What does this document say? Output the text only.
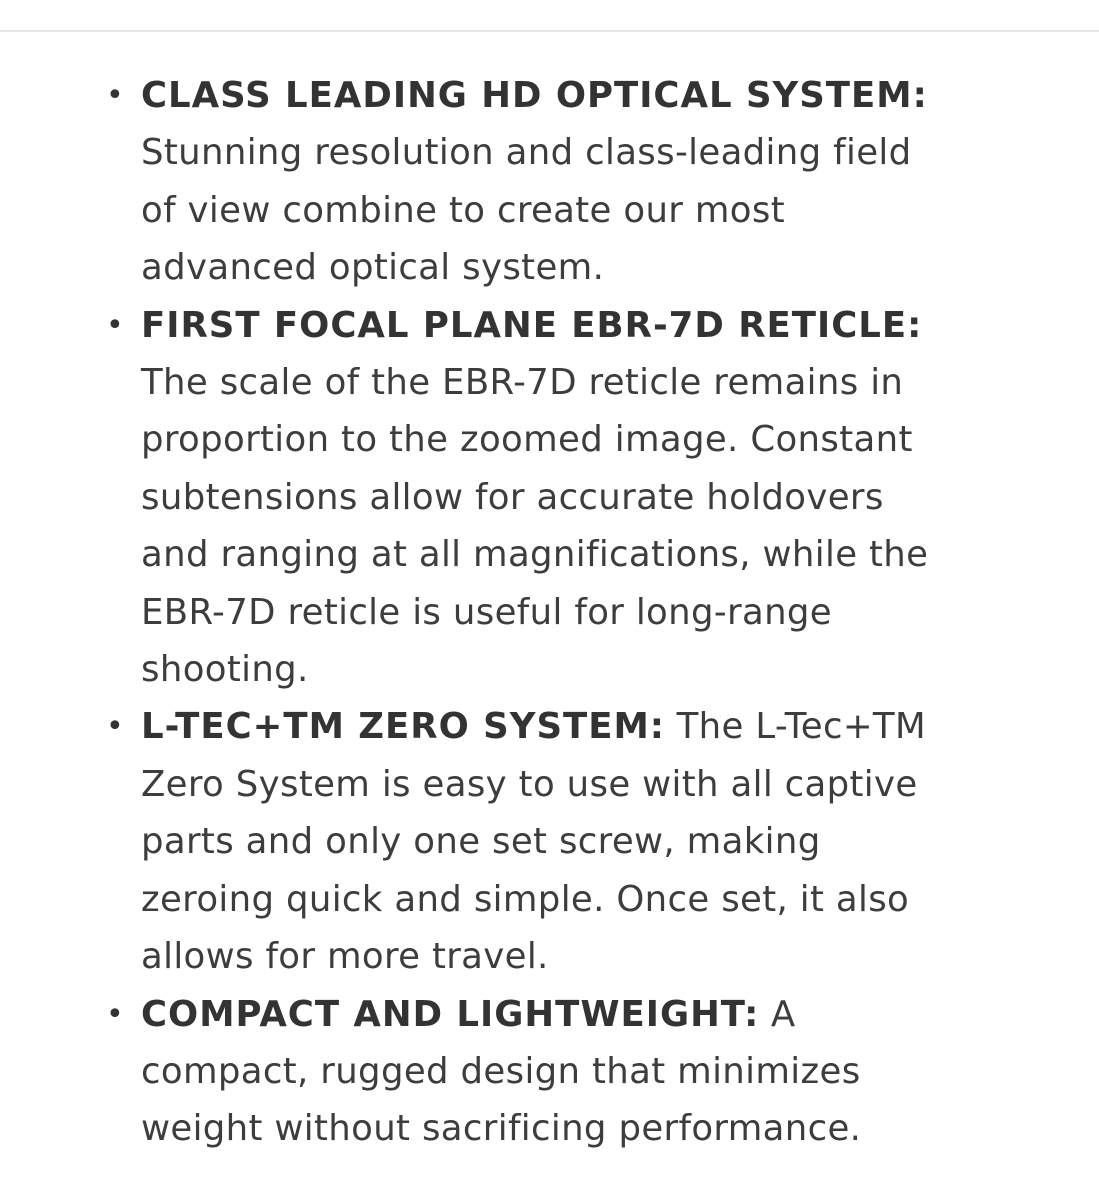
• CLASS LEADING HD OPTICAL SYSTEM:
Stunning resolution and class-leading field
of view combine to create our most
advanced optical system.
• FIRST FOCAL PLANE EBR-7D RETICLE:
The scale of the EBR-7D reticle remains in
proportion to the zoomed image. Constant
subtensions allow for accurate holdovers
and ranging at all magnifications, while the
EBR-7D reticle is useful for long-range
shooting.
• L-TEC+TM ZERO SYSTEM: The L-Tec+TM
Zero System is easy to use with all captive
parts and only one set screw, making
zeroing quick and simple. Once set, it also
allows for more travel.
• COMPACT AND LIGHTWEIGHT: A
compact, rugged design that minimizes
weight without sacrificing performance.
